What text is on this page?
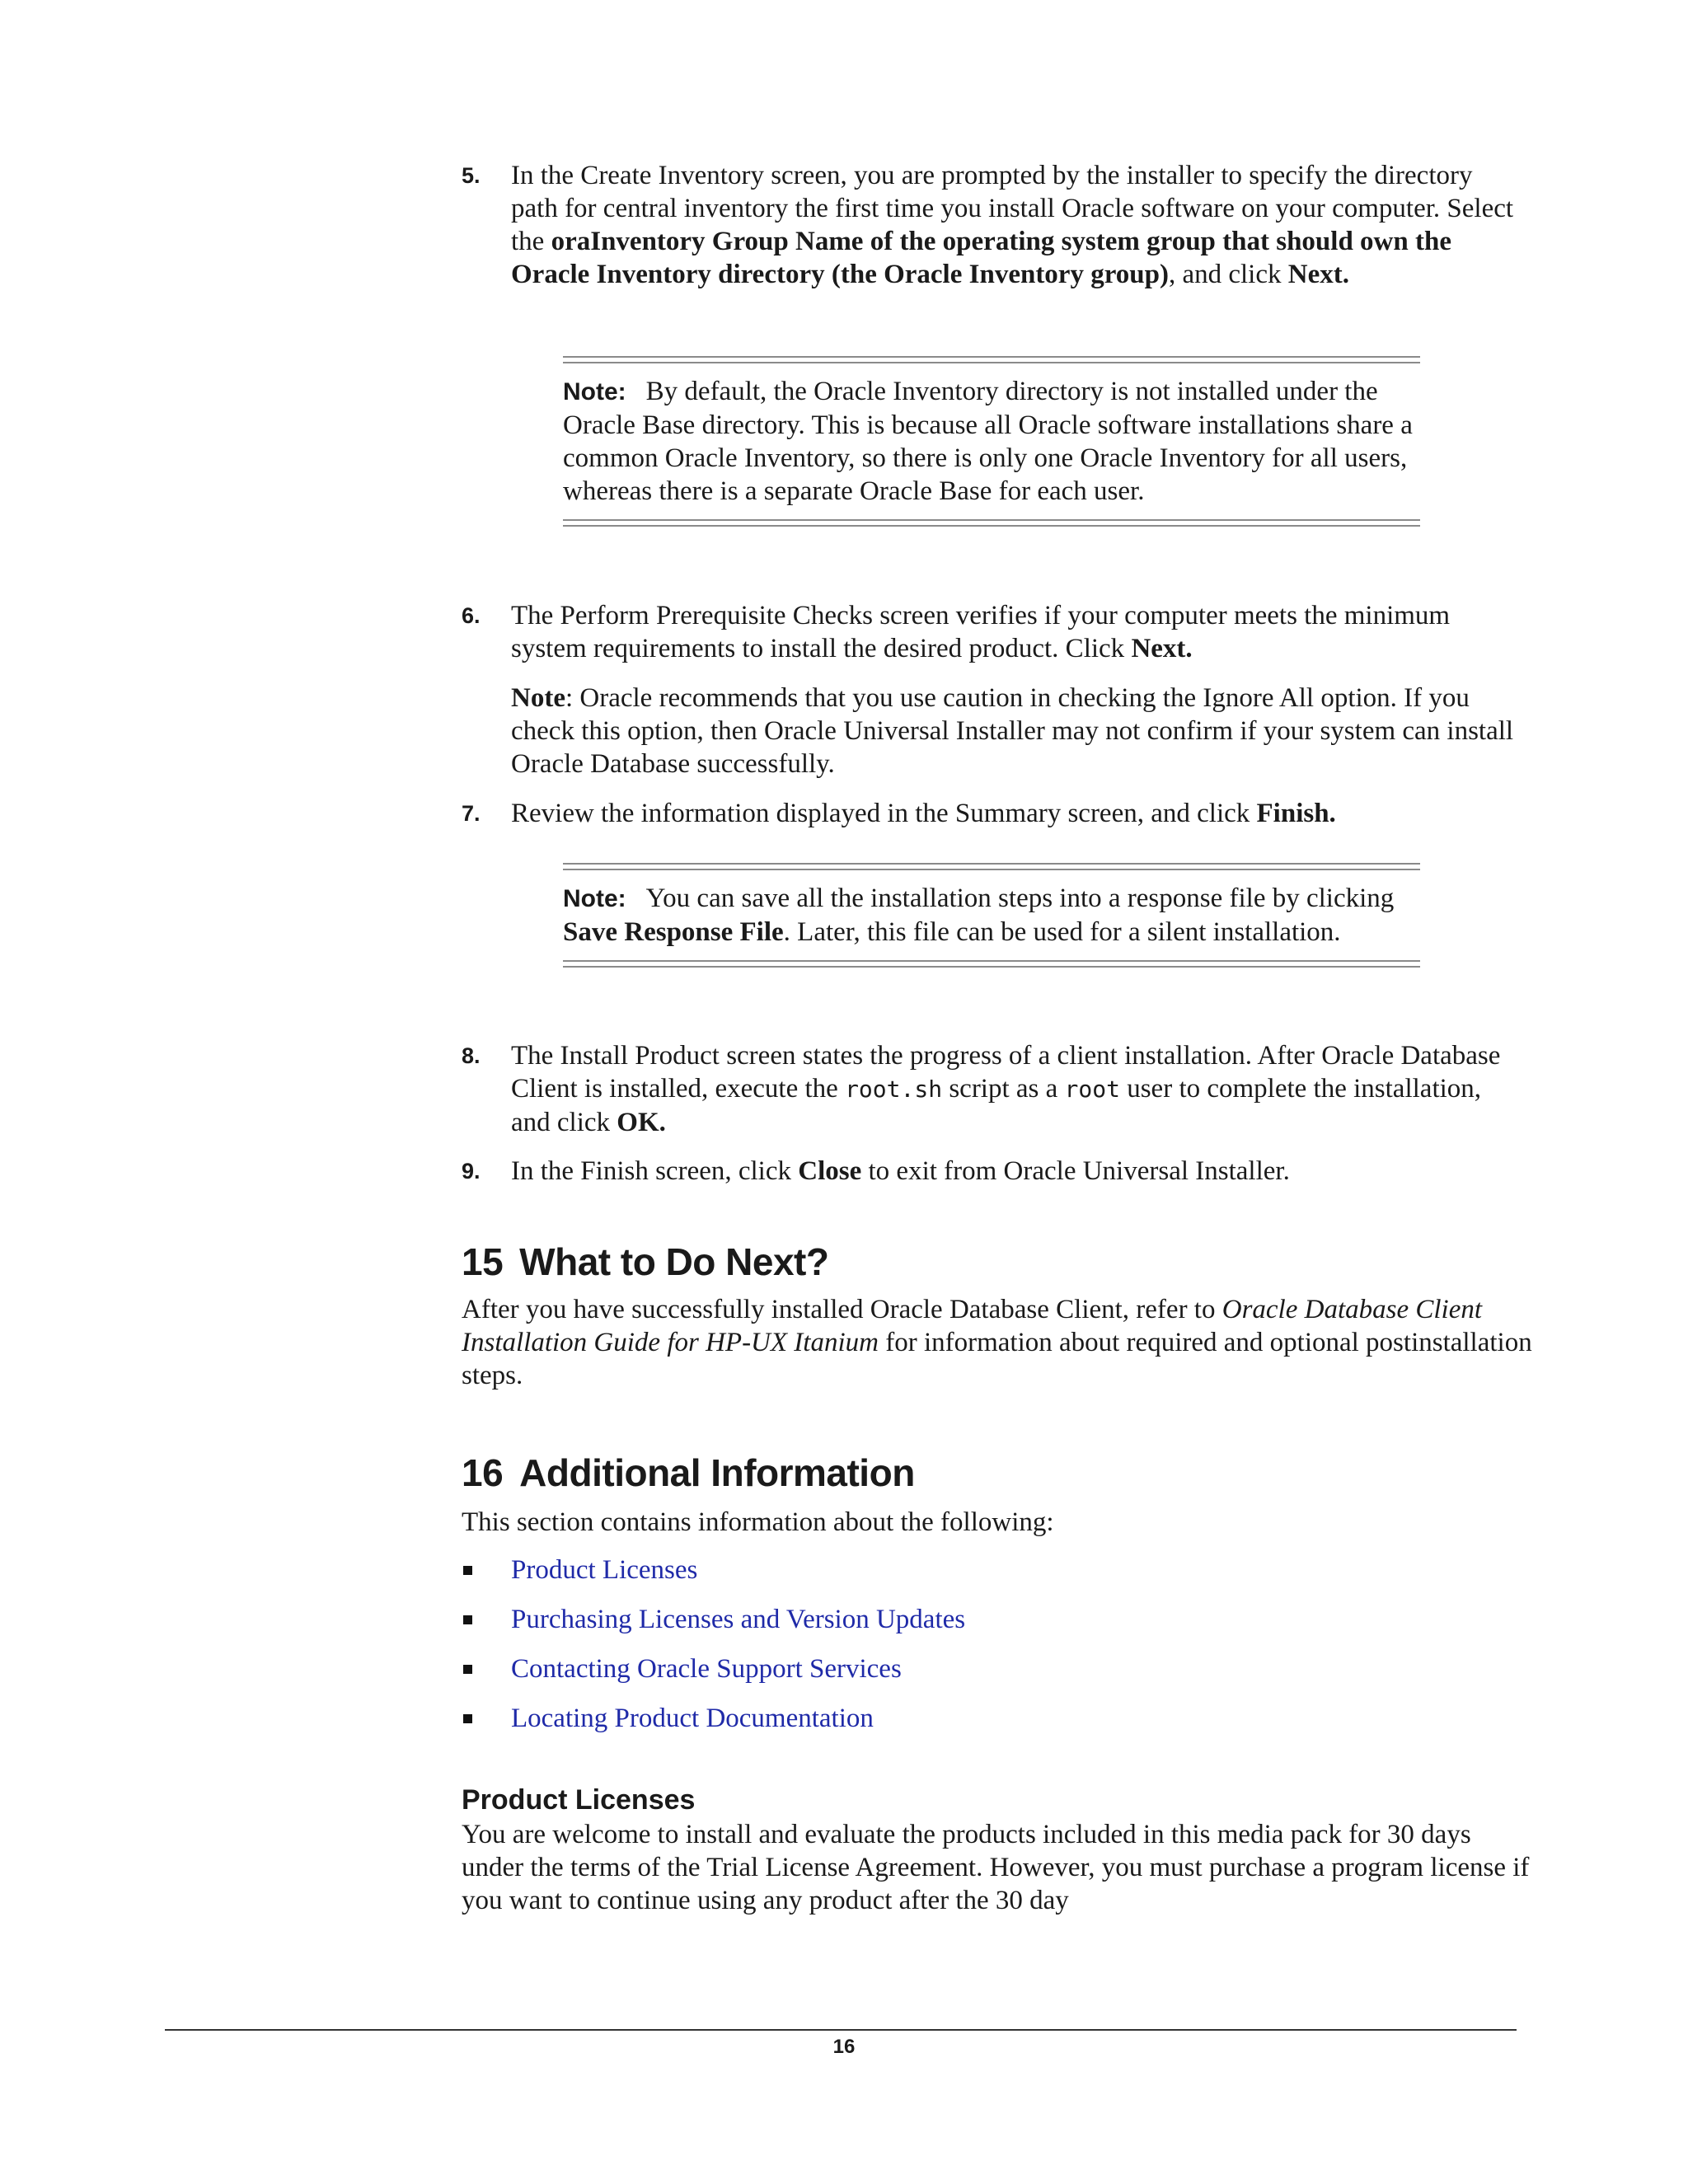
5. In the Create Inventory screen, you are prompted by the installer to specify the directory path for central inventory the first time you install Oracle software on your computer. Select the oraInventory Group Name of the operating system group that should own the Oracle Inventory directory (the Oracle Inventory group), and click Next.

Note: By default, the Oracle Inventory directory is not installed under the Oracle Base directory. This is because all Oracle software installations share a common Oracle Inventory, so there is only one Oracle Inventory for all users, whereas there is a separate Oracle Base for each user.
6. The Perform Prerequisite Checks screen verifies if your computer meets the minimum system requirements to install the desired product. Click Next.

Note: Oracle recommends that you use caution in checking the Ignore All option. If you check this option, then Oracle Universal Installer may not confirm if your system can install Oracle Database successfully.

7. Review the information displayed in the Summary screen, and click Finish.

Note: You can save all the installation steps into a response file by clicking Save Response File. Later, this file can be used for a silent installation.
8. The Install Product screen states the progress of a client installation. After Oracle Database Client is installed, execute the root.sh script as a root user to complete the installation, and click OK.

9. In the Finish screen, click Close to exit from Oracle Universal Installer.

15 What to Do Next?

After you have successfully installed Oracle Database Client, refer to Oracle Database Client Installation Guide for HP-UX Itanium for information about required and optional postinstallation steps.

16 Additional Information

This section contains information about the following:

Product Licenses
Purchasing Licenses and Version Updates
Contacting Oracle Support Services
Locating Product Documentation
Product Licenses

You are welcome to install and evaluate the products included in this media pack for 30 days under the terms of the Trial License Agreement. However, you must purchase a program license if you want to continue using any product after the 30 day

16
